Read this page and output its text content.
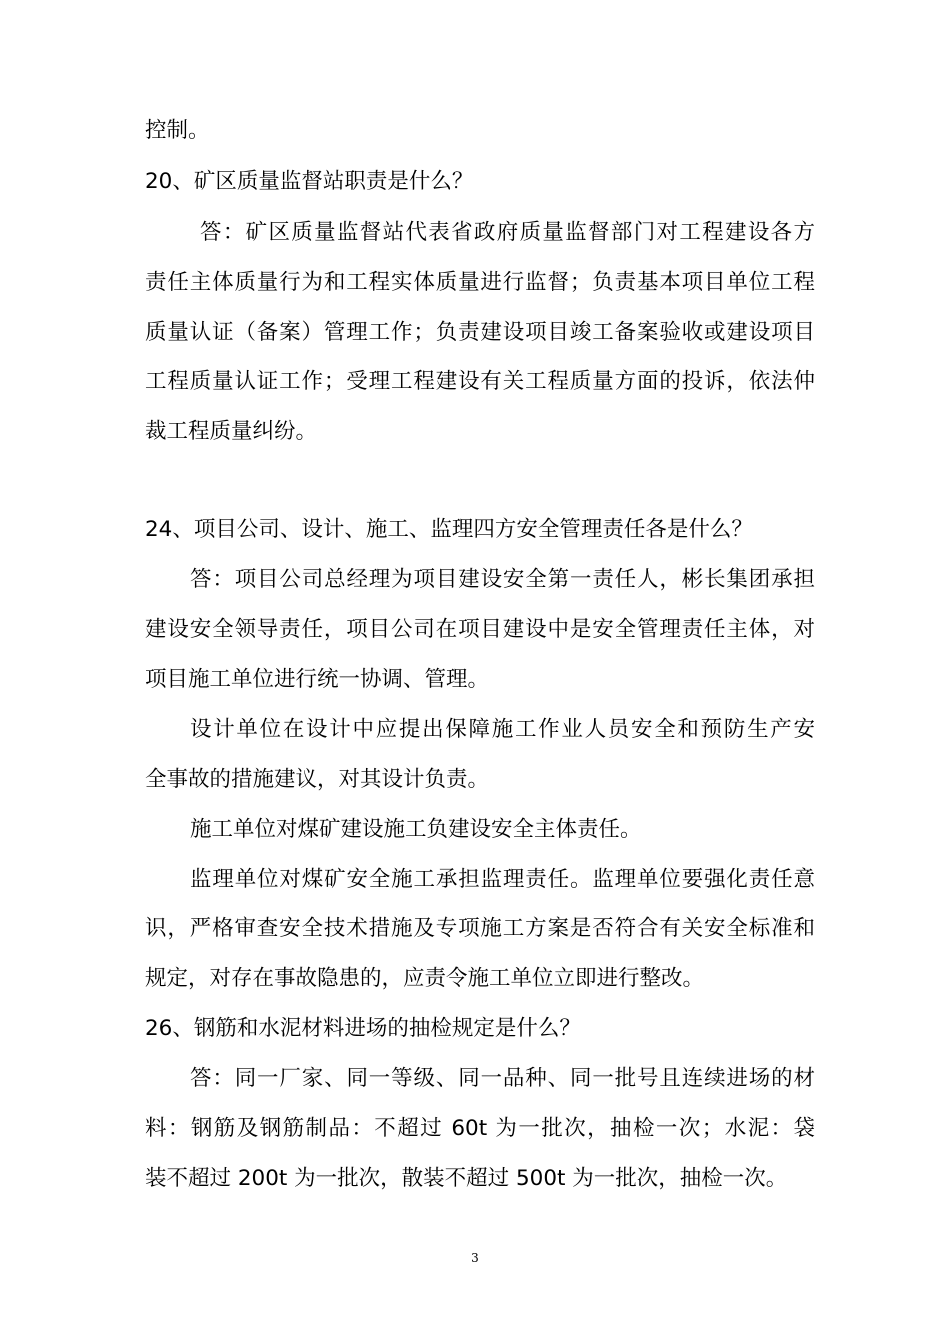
控制。
20、矿区质量监督站职责是什么？
答：矿区质量监督站代表省政府质量监督部门对工程建设各方
责任主体质量行为和工程实体质量进行监督；负责基本项目单位工程
质量认证（备案）管理工作；负责建设项目竣工备案验收或建设项目
工程质量认证工作；受理工程建设有关工程质量方面的投诉，依法仲
裁工程质量纠纷。
24、项目公司、设计、施工、监理四方安全管理责任各是什么？
答：项目公司总经理为项目建设安全第一责任人，彬长集团承担
建设安全领导责任，项目公司在项目建设中是安全管理责任主体，对
项目施工单位进行统一协调、管理。
设计单位在设计中应提出保障施工作业人员安全和预防生产安
全事故的措施建议，对其设计负责。
施工单位对煤矿建设施工负建设安全主体责任。
监理单位对煤矿安全施工承担监理责任。监理单位要强化责任意
识，严格审查安全技术措施及专项施工方案是否符合有关安全标准和
规定，对存在事故隐患的，应责令施工单位立即进行整改。
26、钢筋和水泥材料进场的抽检规定是什么？
答：同一厂家、同一等级、同一品种、同一批号且连续进场的材
料：钢筋及钢筋制品：不超过 60t 为一批次，抽检一次；水泥：袋
装不超过 200t 为一批次，散装不超过 500t 为一批次，抽检一次。
3
